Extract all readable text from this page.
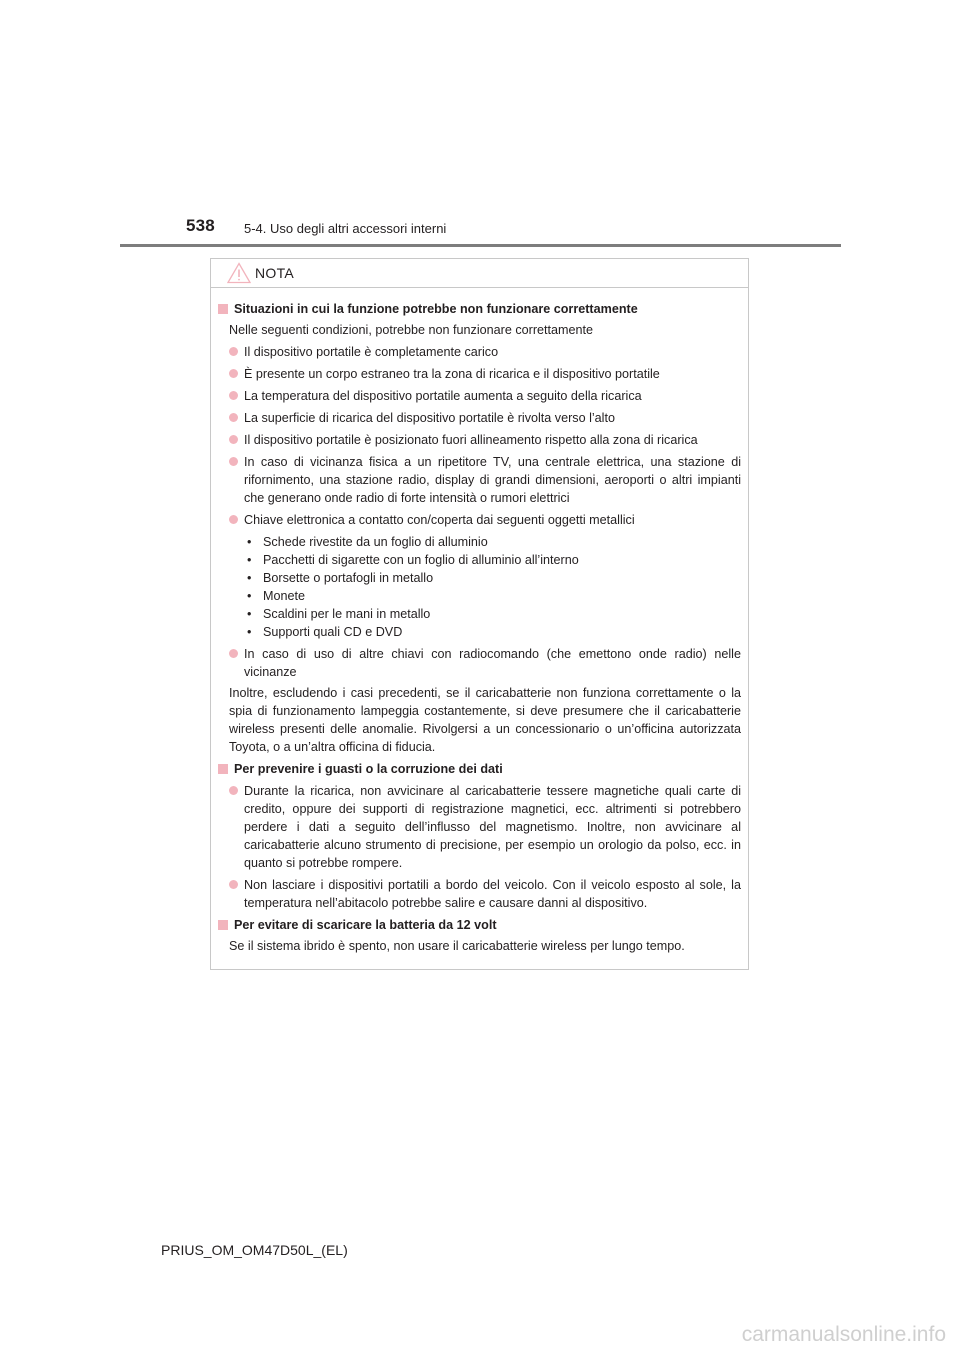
538 5-4. Uso degli altri accessori interni
NOTA
Situazioni in cui la funzione potrebbe non funzionare correttamente
Nelle seguenti condizioni, potrebbe non funzionare correttamente
Il dispositivo portatile è completamente carico
È presente un corpo estraneo tra la zona di ricarica e il dispositivo portatile
La temperatura del dispositivo portatile aumenta a seguito della ricarica
La superficie di ricarica del dispositivo portatile è rivolta verso l’alto
Il dispositivo portatile è posizionato fuori allineamento rispetto alla zona di ricarica
In caso di vicinanza fisica a un ripetitore TV, una centrale elettrica, una stazione di rifornimento, una stazione radio, display di grandi dimensioni, aeroporti o altri impianti che generano onde radio di forte intensità o rumori elettrici
Chiave elettronica a contatto con/coperta dai seguenti oggetti metallici
• Schede rivestite da un foglio di alluminio
• Pacchetti di sigarette con un foglio di alluminio all’interno
• Borsette o portafogli in metallo
• Monete
• Scaldini per le mani in metallo
• Supporti quali CD e DVD
In caso di uso di altre chiavi con radiocomando (che emettono onde radio) nelle vicinanze
Inoltre, escludendo i casi precedenti, se il caricabatterie non funziona correttamente o la spia di funzionamento lampeggia costantemente, si deve presumere che il caricabatterie wireless presenti delle anomalie. Rivolgersi a un concessionario o un’officina autorizzata Toyota, o a un’altra officina di fiducia.
Per prevenire i guasti o la corruzione dei dati
Durante la ricarica, non avvicinare al caricabatterie tessere magnetiche quali carte di credito, oppure dei supporti di registrazione magnetici, ecc. altrimenti si potrebbero perdere i dati a seguito dell’influsso del magnetismo. Inoltre, non avvicinare al caricabatterie alcuno strumento di precisione, per esempio un orologio da polso, ecc. in quanto si potrebbe rompere.
Non lasciare i dispositivi portatili a bordo del veicolo. Con il veicolo esposto al sole, la temperatura nell’abitacolo potrebbe salire e causare danni al dispositivo.
Per evitare di scaricare la batteria da 12 volt
Se il sistema ibrido è spento, non usare il caricabatterie wireless per lungo tempo.
PRIUS_OM_OM47D50L_(EL)
carmanualsonline.info
